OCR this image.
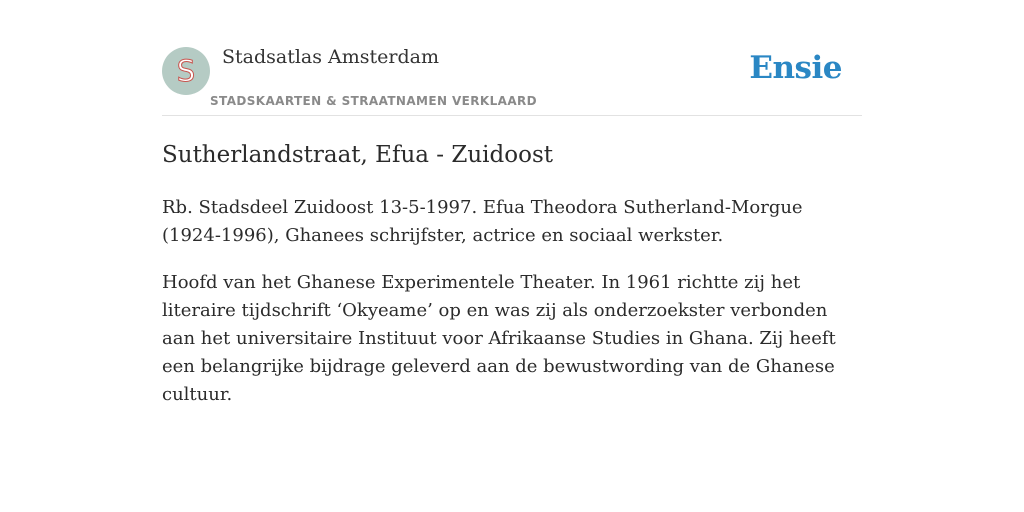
S Stadsatlas Amsterdam
STADSKAARTEN & STRAATNAMEN VERKLAARD
Ensie
Sutherlandstraat, Efua - Zuidoost

Rb. Stadsdeel Zuidoost 13-5-1997. Efua Theodora Sutherland-Morgue (1924-1996), Ghanees schrijfster, actrice en sociaal werkster.

Hoofd van het Ghanese Experimentele Theater. In 1961 richtte zij het literaire tijdschrift ‘Okyeame’ op en was zij als onderzoekster verbonden aan het universitaire Instituut voor Afrikaanse Studies in Ghana. Zij heeft een belangrijke bijdrage geleverd aan de bewustwording van de Ghanese cultuur.
